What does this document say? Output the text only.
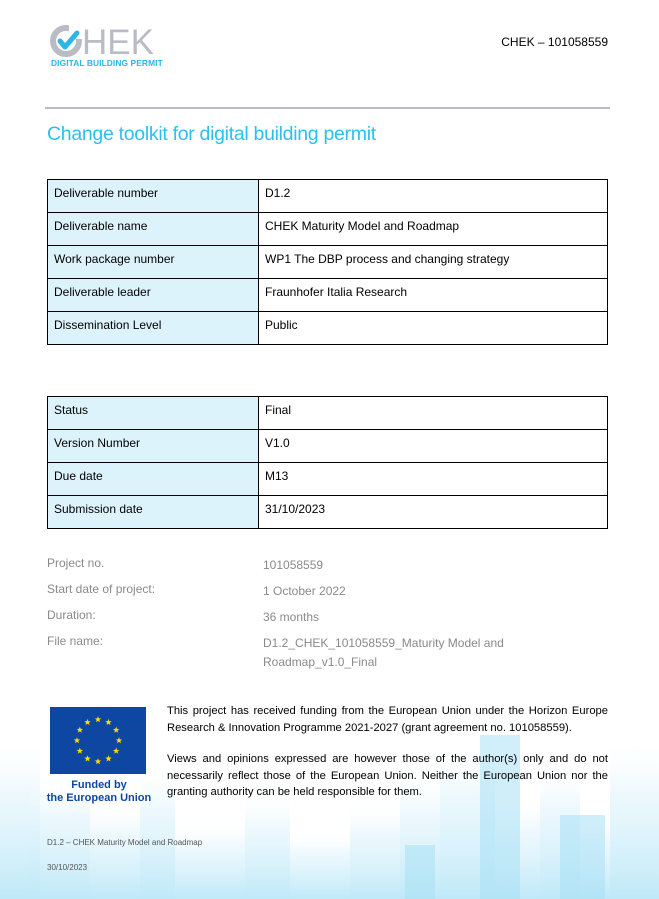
HEK
DIGITAL BUILDING PERMIT
CHEK – 101058559
Change toolkit for digital building permit
Deliverable number	D1.2
Deliverable name	CHEK Maturity Model and Roadmap
Work package number	WP1 The DBP process and changing strategy
Deliverable leader	Fraunhofer Italia Research
Dissemination Level	Public
Status	Final
Version Number	V1.0
Due date	M13
Submission date	31/10/2023
Project no.	101058559
Start date of project:	1 October 2022
Duration:	36 months
File name:	D1.2_CHEK_101058559_Maturity Model and Roadmap_v1.0_Final
Funded by
the European Union

This project has received funding from the European Union under the Horizon Europe Research & Innovation Programme 2021-2027 (grant agreement no. 101058559).

Views and opinions expressed are however those of the author(s) only and do not necessarily reflect those of the European Union. Neither the European Union nor the granting authority can be held responsible for them.

D1.2 – CHEK Maturity Model and Roadmap
30/10/2023
